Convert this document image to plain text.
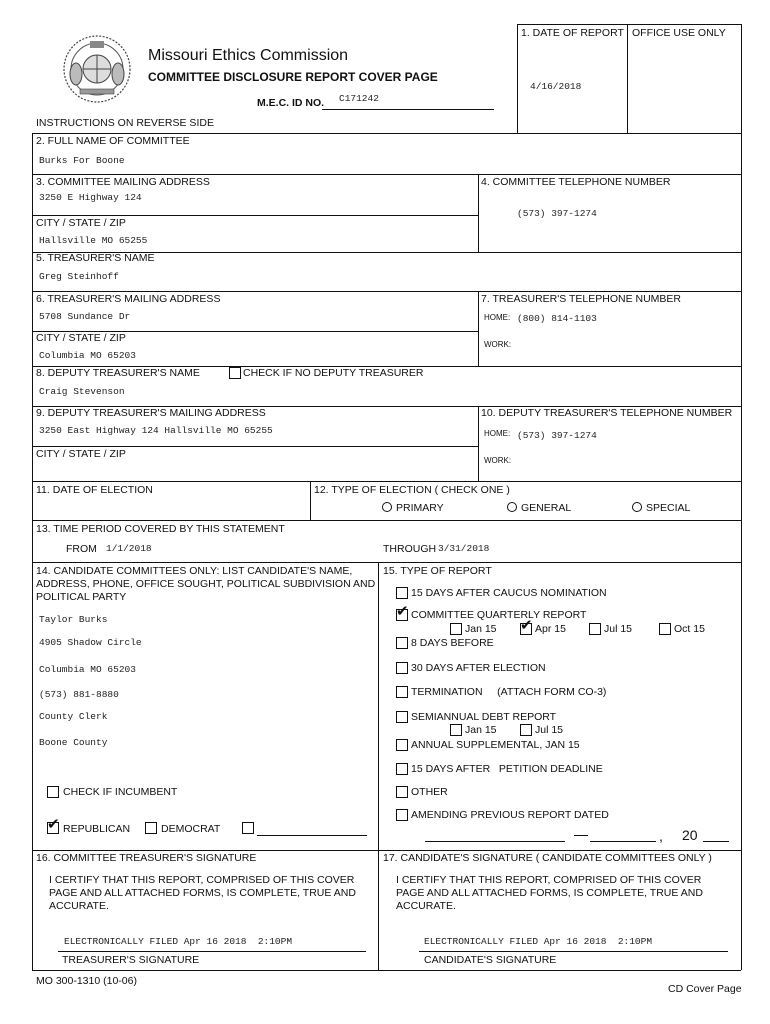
Missouri Ethics Commission
COMMITTEE DISCLOSURE REPORT COVER PAGE
M.E.C. ID NO. C171242
INSTRUCTIONS ON REVERSE SIDE
1. DATE OF REPORT OFFICE USE ONLY
4/16/2018
2. FULL NAME OF COMMITTEE
Burks For Boone
3. COMMITTEE MAILING ADDRESS
3250 E Highway 124
CITY / STATE / ZIP
Hallsville MO 65255
4. COMMITTEE TELEPHONE NUMBER
(573) 397-1274
5. TREASURER'S NAME
Greg Steinhoff
6. TREASURER'S MAILING ADDRESS
5708 Sundance Dr
CITY / STATE / ZIP
Columbia MO 65203
7. TREASURER'S TELEPHONE NUMBER
HOME: (800) 814-1103
WORK:
8. DEPUTY TREASURER'S NAME	CHECK IF NO DEPUTY TREASURER
Craig Stevenson
9. DEPUTY TREASURER'S MAILING ADDRESS
3250 East Highway 124 Hallsville MO 65255
CITY / STATE / ZIP
10. DEPUTY TREASURER'S TELEPHONE NUMBER
HOME: (573) 397-1274
WORK:
11. DATE OF ELECTION	12. TYPE OF ELECTION ( CHECK ONE )
PRIMARY	GENERAL	SPECIAL
13. TIME PERIOD COVERED BY THIS STATEMENT
FROM 1/1/2018	THROUGH 3/31/2018
14. CANDIDATE COMMITTEES ONLY: LIST CANDIDATE'S NAME,
ADDRESS, PHONE, OFFICE SOUGHT, POLITICAL SUBDIVISION AND
POLITICAL PARTY
Taylor Burks
4905 Shadow Circle
Columbia MO 65203
(573) 881-8880
County Clerk
Boone County
CHECK IF INCUMBENT
✔ REPUBLICAN	DEMOCRAT
15. TYPE OF REPORT
15 DAYS AFTER CAUCUS NOMINATION
✔ COMMITTEE QUARTERLY REPORT
Jan 15 ✔ Apr 15	Jul 15	Oct 15
8 DAYS BEFORE
30 DAYS AFTER ELECTION
TERMINATION     (ATTACH FORM CO-3)
SEMIANNUAL DEBT REPORT
Jan 15	Jul 15
ANNUAL SUPPLEMENTAL, JAN 15
15 DAYS AFTER   PETITION DEADLINE
OTHER
AMENDING PREVIOUS REPORT DATED
, 20
16. COMMITTEE TREASURER'S SIGNATURE	17. CANDIDATE'S SIGNATURE ( CANDIDATE COMMITTEES ONLY )
I CERTIFY THAT THIS REPORT, COMPRISED OF THIS COVER
PAGE AND ALL ATTACHED FORMS, IS COMPLETE, TRUE AND
ACCURATE.
I CERTIFY THAT THIS REPORT, COMPRISED OF THIS COVER
PAGE AND ALL ATTACHED FORMS, IS COMPLETE, TRUE AND
ACCURATE.
ELECTRONICALLY FILED Apr 16 2018  2:10PM	ELECTRONICALLY FILED Apr 16 2018  2:10PM
TREASURER'S SIGNATURE	CANDIDATE'S SIGNATURE
MO 300-1310 (10-06)
CD Cover Page
